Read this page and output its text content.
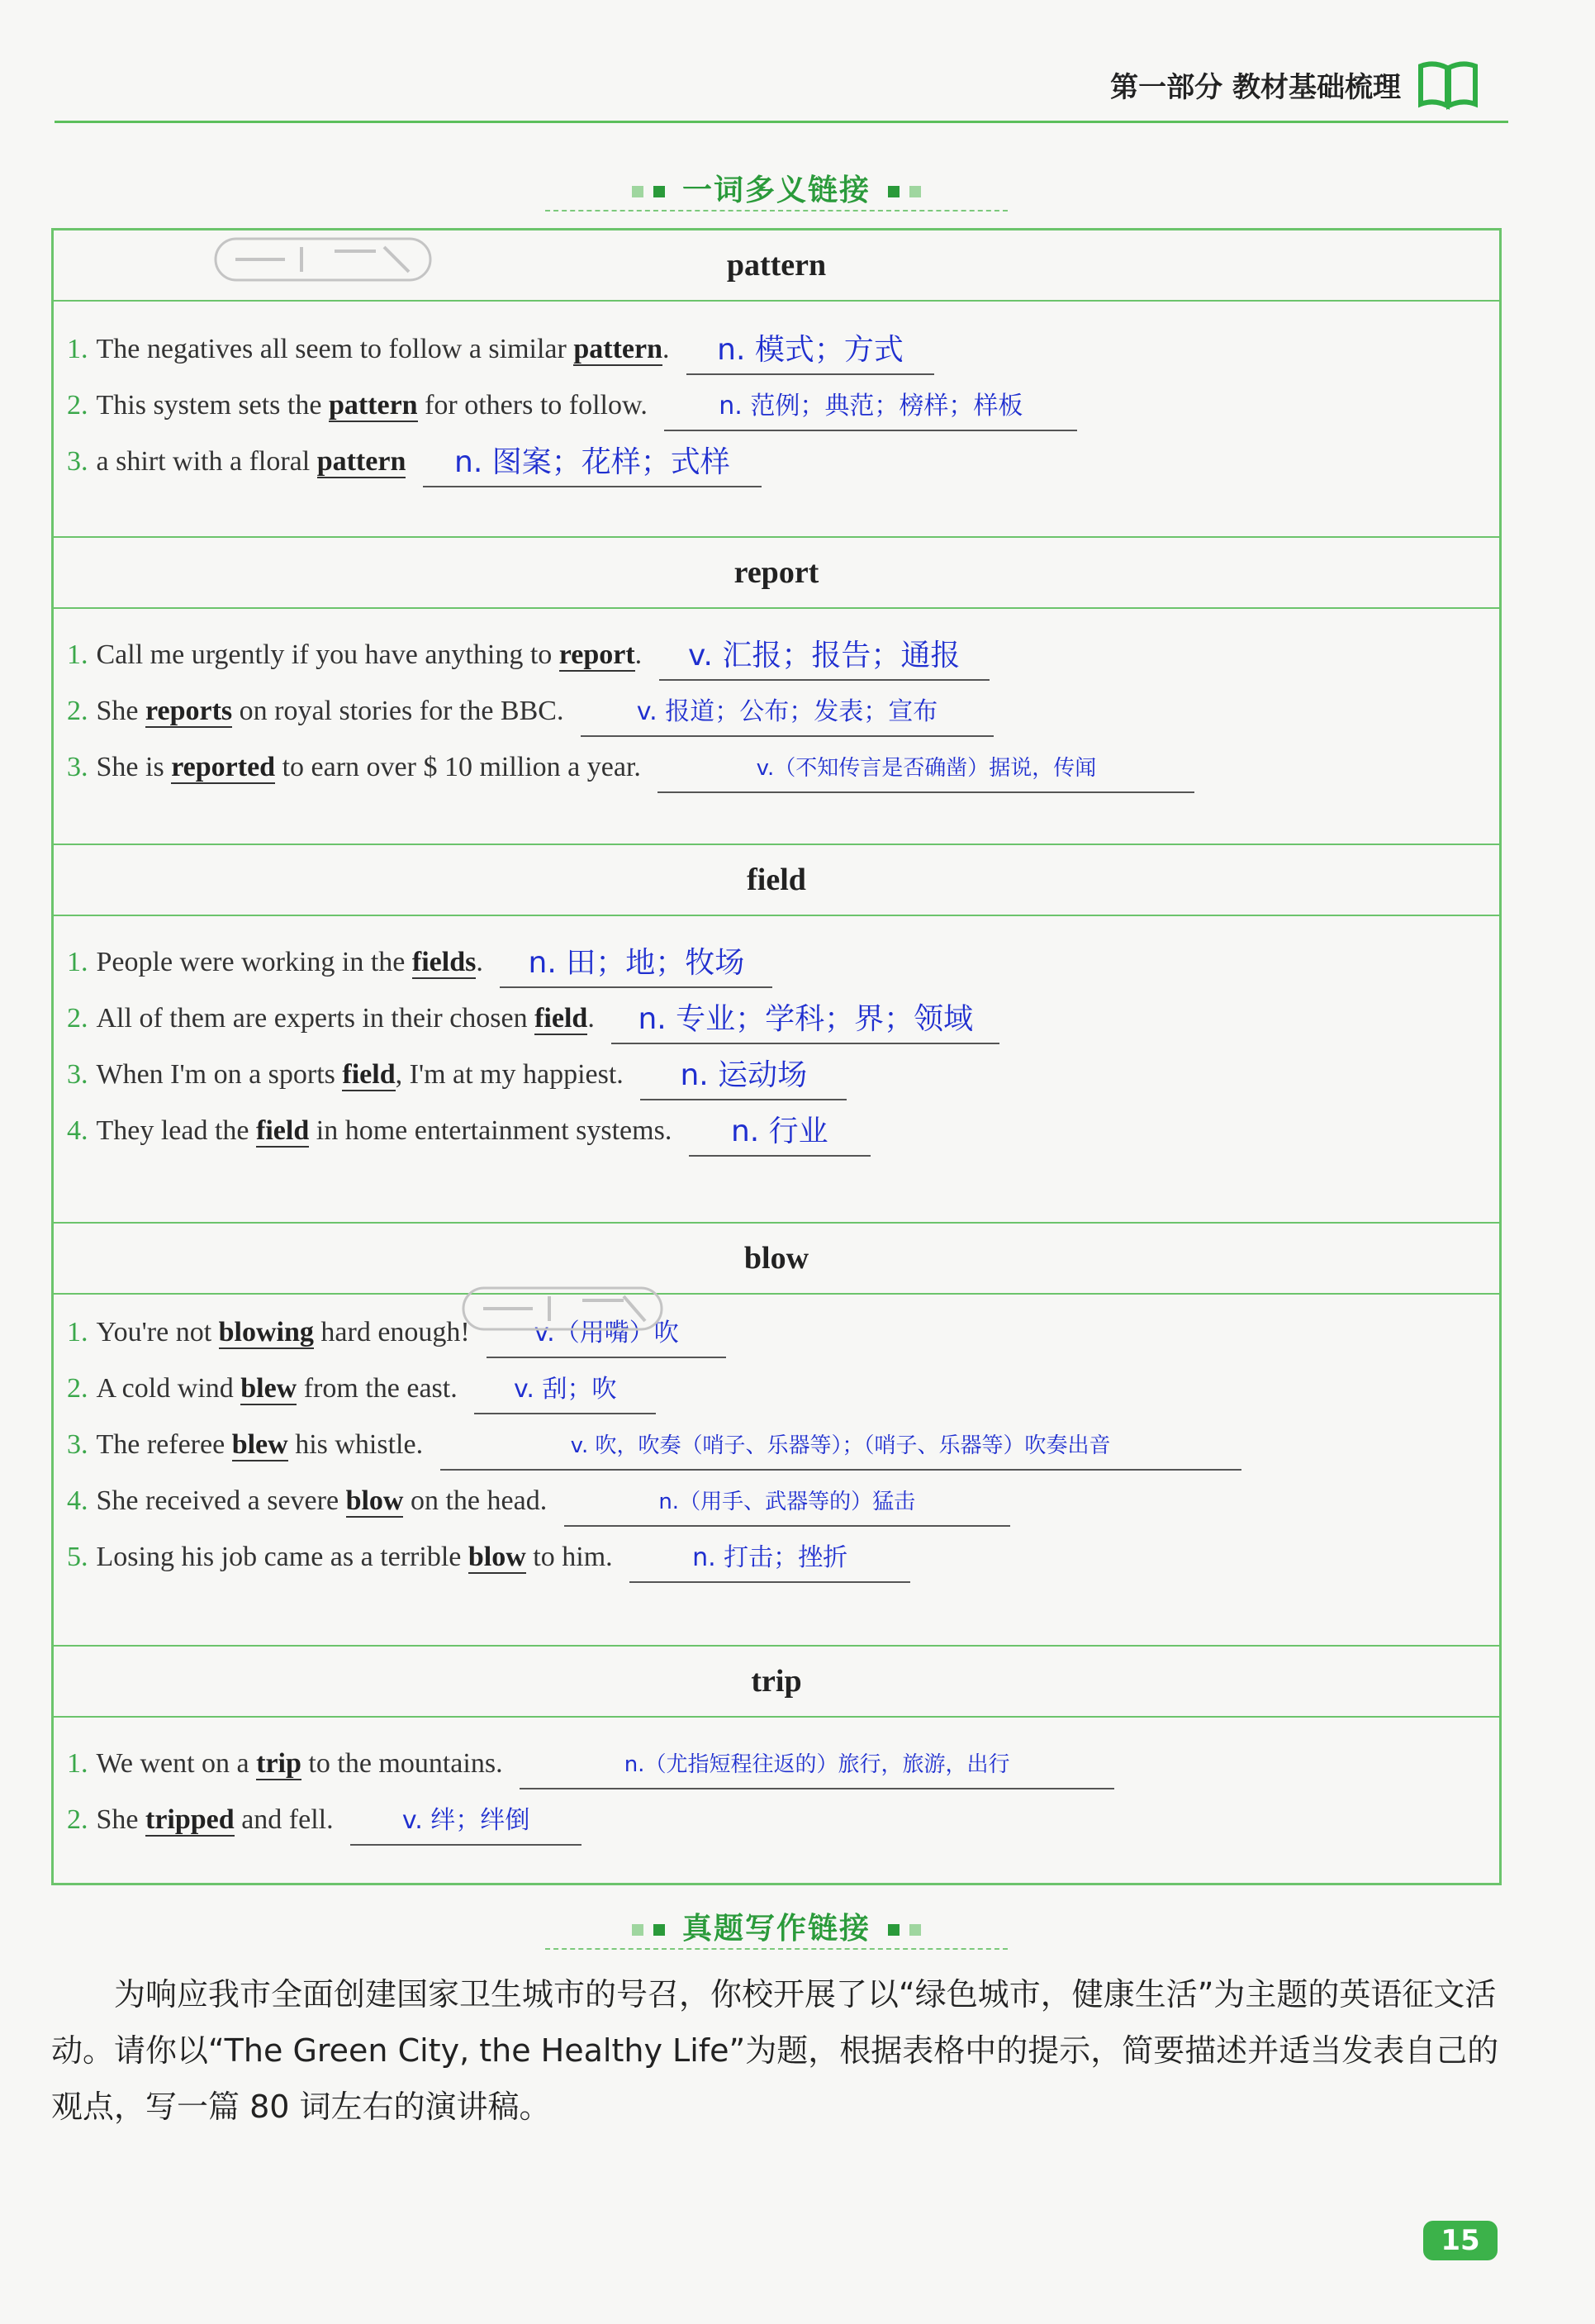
第一部分 教材基础梳理
一词多义链接
pattern
1. The negatives all seem to follow a similar pattern. n. 模式；方式
2. This system sets the pattern for others to follow.	n. 范例；典范；榜样；样板
3. a shirt with a floral pattern n. 图案；花样；式样
report
1. Call me urgently if you have anything to report. v. 汇报；报告；通报
2. She reports on royal stories for the BBC.	v. 报道；公布；发表；宣布
3. She is reported to earn over $ 10 million a year.	v.（不知传言是否确凿）据说，传闻
field
1. People were working in the fields. n. 田；地；牧场
2. All of them are experts in their chosen field. n. 专业；学科；界；领域
3. When I'm on a sports field, I'm at my happiest. n. 运动场
4. They lead the field in home entertainment systems. n. 行业
blow
1. You're not blowing hard enough!	v.（用嘴）吹
2. A cold wind blew from the east. v. 刮；吹
3. The referee blew his whistle.	v. 吹，吹奏（哨子、乐器等）；（哨子、乐器等）吹奏出音
4. She received a severe blow on the head.	n.（用手、武器等的）猛击
5. Losing his job came as a terrible blow to him.	n. 打击；挫折
trip
1. We went on a trip to the mountains.	n.（尤指短程往返的）旅行，旅游，出行
2. She tripped and fell.	v. 绊；绊倒
真题写作链接

为响应我市全面创建国家卫生城市的号召，你校开展了以“绿色城市，健康生活”为主题的英语征文活动。请你以“The Green City, the Healthy Life”为题，根据表格中的提示，简要描述并适当发表自己的观点，写一篇 80 词左右的演讲稿。

15
